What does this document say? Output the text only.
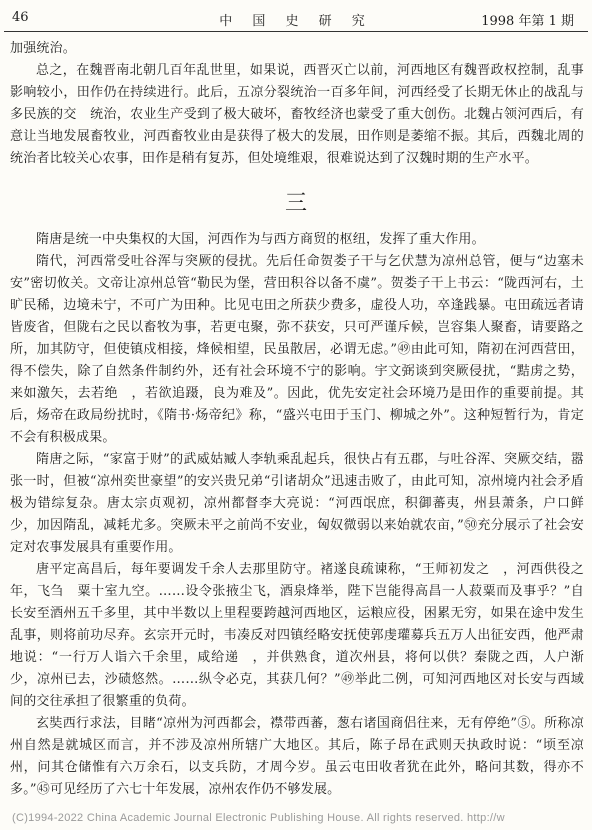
46	中 国 史 研 究	1998 年第 1 期

加强统治。

总之，在魏晋南北朝几百年乱世里，如果说，西晋灭亡以前，河西地区有魏晋政权控制，乱事影响较小，田作仍在持续进行。此后，五凉分裂统治一百多年间，河西经受了长期无休止的战乱与多民族的交　统治，农业生产受到了极大破坏，畜牧经济也蒙受了重大创伤。北魏占领河西后，有意让当地发展畜牧业，河西畜牧业由是获得了极大的发展，田作则是萎缩不振。其后，西魏北周的统治者比较关心农事，田作是稍有复苏，但处境维艰，很难说达到了汉魏时期的生产水平。

三

隋唐是统一中央集权的大国，河西作为与西方商贸的枢纽，发挥了重大作用。

隋代，河西常受吐谷浑与突厥的侵扰。先后任命贺娄子干与乞伏慧为凉州总管，便与“边塞未安”密切攸关。文帝让凉州总管“勒民为堡，营田积谷以备不虞”。贺娄子干上书云：“陇西河右，土旷民稀，边境未宁，不可广为田种。比见屯田之所获少费多，虚役人功，卒逢践暴。屯田疏远者请皆废省，但陇右之民以畜牧为事，若更屯聚，弥不获安，只可严谨斥候，岂容集人聚畜，请要路之所，加其防守，但使镇戍相接，烽候相望，民虽散居，必谓无虑。”㊾由此可知，隋初在河西营田，得不偿失，除了自然条件制约外，还有社会环境不宁的影响。宇文弼谈到突厥侵扰，“黠虏之势，来如激矢，去若绝　，若欲追蹑，良为难及”。因此，优先安定社会环境乃是田作的重要前提。其后，炀帝在政局纷扰时，《隋书·炀帝纪》称，“盛兴屯田于玉门、柳城之外”。这种短暂行为，肯定不会有积极成果。

隋唐之际，“家富于财”的武威姑臧人李轨乘乱起兵，很快占有五郡，与吐谷浑、突厥交结，嚣张一时，但被“凉州奕世豪望”的安兴贵兄弟“引诸胡众”迅速击败了，由此可知，凉州境内社会矛盾极为错综复杂。唐太宗贞观初，凉州都督李大亮说：“河西氓庶，积御蕃夷，州县萧条，户口鲜少，加因隋乱，减耗尤多。突厥未平之前尚不安业，匈奴微弱以来始就农亩，”㊿充分展示了社会安定对农事发展具有重要作用。

唐平定高昌后，每年要调发千余人去那里防守。褚遂良疏谏称，“王师初发之　，河西供役之年，飞刍　粟十室九空。……设令张掖尘飞，酒泉烽举，陛下岂能得高昌一人菽粟而及事乎？”自长安至酒州五千多里，其中半数以上里程要跨越河西地区，运粮应役，困累无穷，如果在途中发生乱事，则将前功尽弃。玄宗开元时，韦凑反对四镇经略安抚使郭虔瓘募兵五万人出征安西，他严肃地说：“一行万人诣六千余里，咸给递　，并供熟食，道次州县，将何以供？秦陇之西，人户渐少，凉州已去，沙碛悠然。……纵令必克，其获几何？”㊾举此二例，可知河西地区对长安与西域间的交往承担了很繁重的负荷。

玄奘西行求法，目睹“凉州为河西都会，襟带西蕃，葱右诸国商侣往来，无有停绝”⑤。所称凉州自然是就城区而言，并不涉及凉州所辖广大地区。其后，陈子昂在武则天执政时说：“顷至凉州，问其仓储惟有六万余石，以支兵防，才周今岁。虽云屯田收者犹在此外，略问其数，得亦不多。”㊺可见经历了六七十年发展，凉州农作仍不够发展。

(C)1994-2022 China Academic Journal Electronic Publishing House. All rights reserved. http://w
